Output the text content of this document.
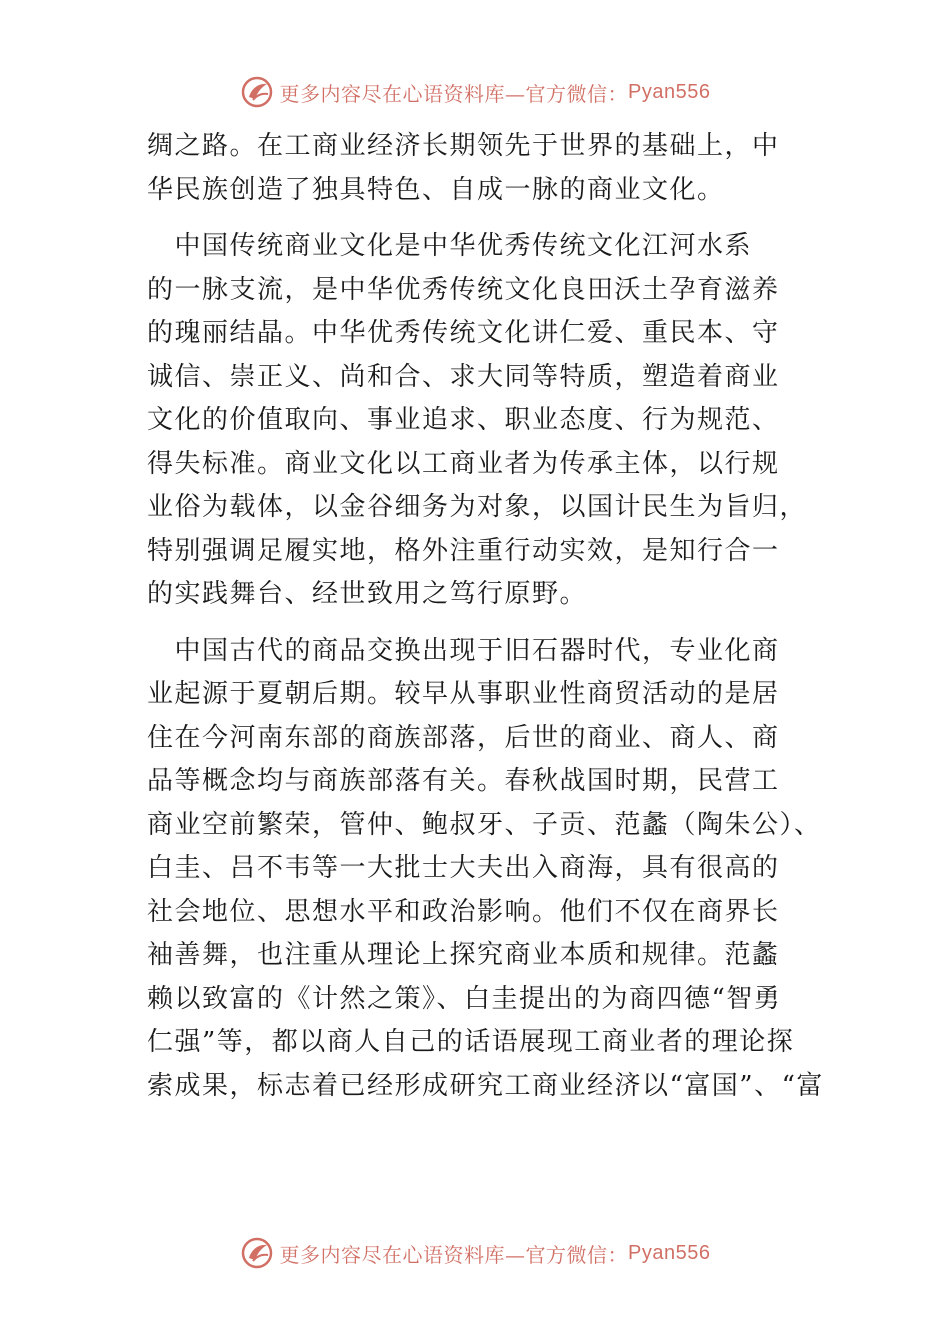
更多内容尽在心语资料库—官方微信： Pyan556
绸之路。在工商业经济长期领先于世界的基础上，中
华民族创造了独具特色、自成一脉的商业文化。
　中国传统商业文化是中华优秀传统文化江河水系
的一脉支流，是中华优秀传统文化良田沃土孕育滋养
的瑰丽结晶。中华优秀传统文化讲仁爱、重民本、守
诚信、崇正义、尚和合、求大同等特质，塑造着商业
文化的价值取向、事业追求、职业态度、行为规范、
得失标准。商业文化以工商业者为传承主体，以行规
业俗为载体，以金谷细务为对象，以国计民生为旨归，
特别强调足履实地，格外注重行动实效，是知行合一
的实践舞台、经世致用之笃行原野。
　中国古代的商品交换出现于旧石器时代，专业化商
业起源于夏朝后期。较早从事职业性商贸活动的是居
住在今河南东部的商族部落，后世的商业、商人、商
品等概念均与商族部落有关。春秋战国时期，民营工
商业空前繁荣，管仲、鲍叔牙、子贡、范蠡（陶朱公）、
白圭、吕不韦等一大批士大夫出入商海，具有很高的
社会地位、思想水平和政治影响。他们不仅在商界长
袖善舞，也注重从理论上探究商业本质和规律。范蠡
赖以致富的《计然之策》、白圭提出的为商四德“智勇
仁强”等，都以商人自己的话语展现工商业者的理论探
索成果，标志着已经形成研究工商业经济以“富国”、“富
更多内容尽在心语资料库—官方微信： Pyan556
